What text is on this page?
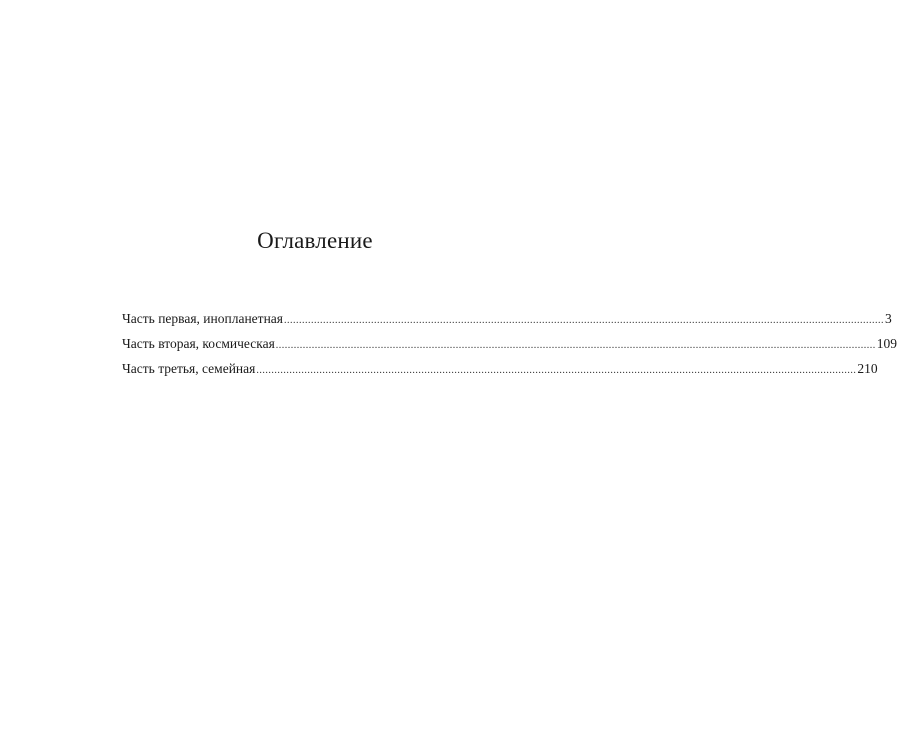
Оглавление
Часть первая, инопланетная ........................................................................................................................................................................................................ 3
Часть вторая, космическая ........................................................................................................................................................................................................ 109
Часть третья, семейная ........................................................................................................................................................................................................ 210
